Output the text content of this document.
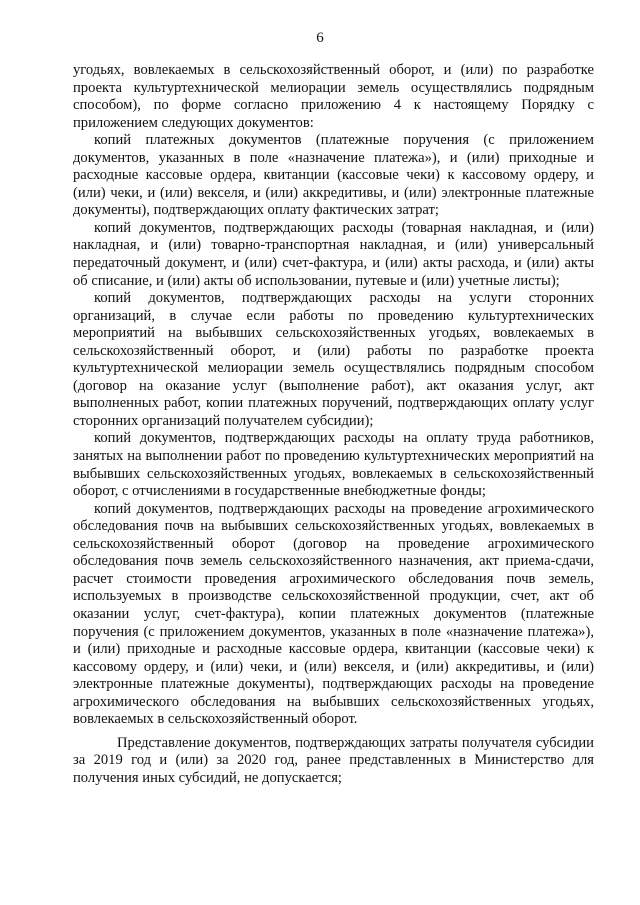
6

угодьях, вовлекаемых в сельскохозяйственный оборот, и (или) по разработке проекта культуртехнической мелиорации земель осуществлялись подрядным способом), по форме согласно приложению 4 к настоящему Порядку с приложением следующих документов:

копий платежных документов (платежные поручения (с приложением документов, указанных в поле «назначение платежа»), и (или) приходные и расходные кассовые ордера, квитанции (кассовые чеки) к кассовому ордеру, и (или) чеки, и (или) векселя, и (или) аккредитивы, и (или) электронные платежные документы), подтверждающих оплату фактических затрат;

копий документов, подтверждающих расходы (товарная накладная, и (или) накладная, и (или) товарно-транспортная накладная, и (или) универсальный передаточный документ, и (или) счет-фактура, и (или) акты расхода, и (или) акты об списание, и (или) акты об использовании, путевые и (или) учетные листы);

копий документов, подтверждающих расходы на услуги сторонних организаций, в случае если работы по проведению культуртехнических мероприятий на выбывших сельскохозяйственных угодьях, вовлекаемых в сельскохозяйственный оборот, и (или) работы по разработке проекта культуртехнической мелиорации земель осуществлялись подрядным способом (договор на оказание услуг (выполнение работ), акт оказания услуг, акт выполненных работ, копии платежных поручений, подтверждающих оплату услуг сторонних организаций получателем субсидии);

копий документов, подтверждающих расходы на оплату труда работников, занятых на выполнении работ по проведению культуртехнических мероприятий на выбывших сельскохозяйственных угодьях, вовлекаемых в сельскохозяйственный оборот, с отчислениями в государственные внебюджетные фонды;

копий документов, подтверждающих расходы на проведение агрохимического обследования почв на выбывших сельскохозяйственных угодьях, вовлекаемых в сельскохозяйственный оборот (договор на проведение агрохимического обследования почв земель сельскохозяйственного назначения, акт приема-сдачи, расчет стоимости проведения агрохимического обследования почв земель, используемых в производстве сельскохозяйственной продукции, счет, акт об оказании услуг, счет-фактура), копии платежных документов (платежные поручения (с приложением документов, указанных в поле «назначение платежа»), и (или) приходные и расходные кассовые ордера, квитанции (кассовые чеки) к кассовому ордеру, и (или) чеки, и (или) векселя, и (или) аккредитивы, и (или) электронные платежные документы), подтверждающих расходы на проведение агрохимического обследования на выбывших сельскохозяйственных угодьях, вовлекаемых в сельскохозяйственный оборот.

Представление документов, подтверждающих затраты получателя субсидии за 2019 год и (или) за 2020 год, ранее представленных в Министерство для получения иных субсидий, не допускается;
